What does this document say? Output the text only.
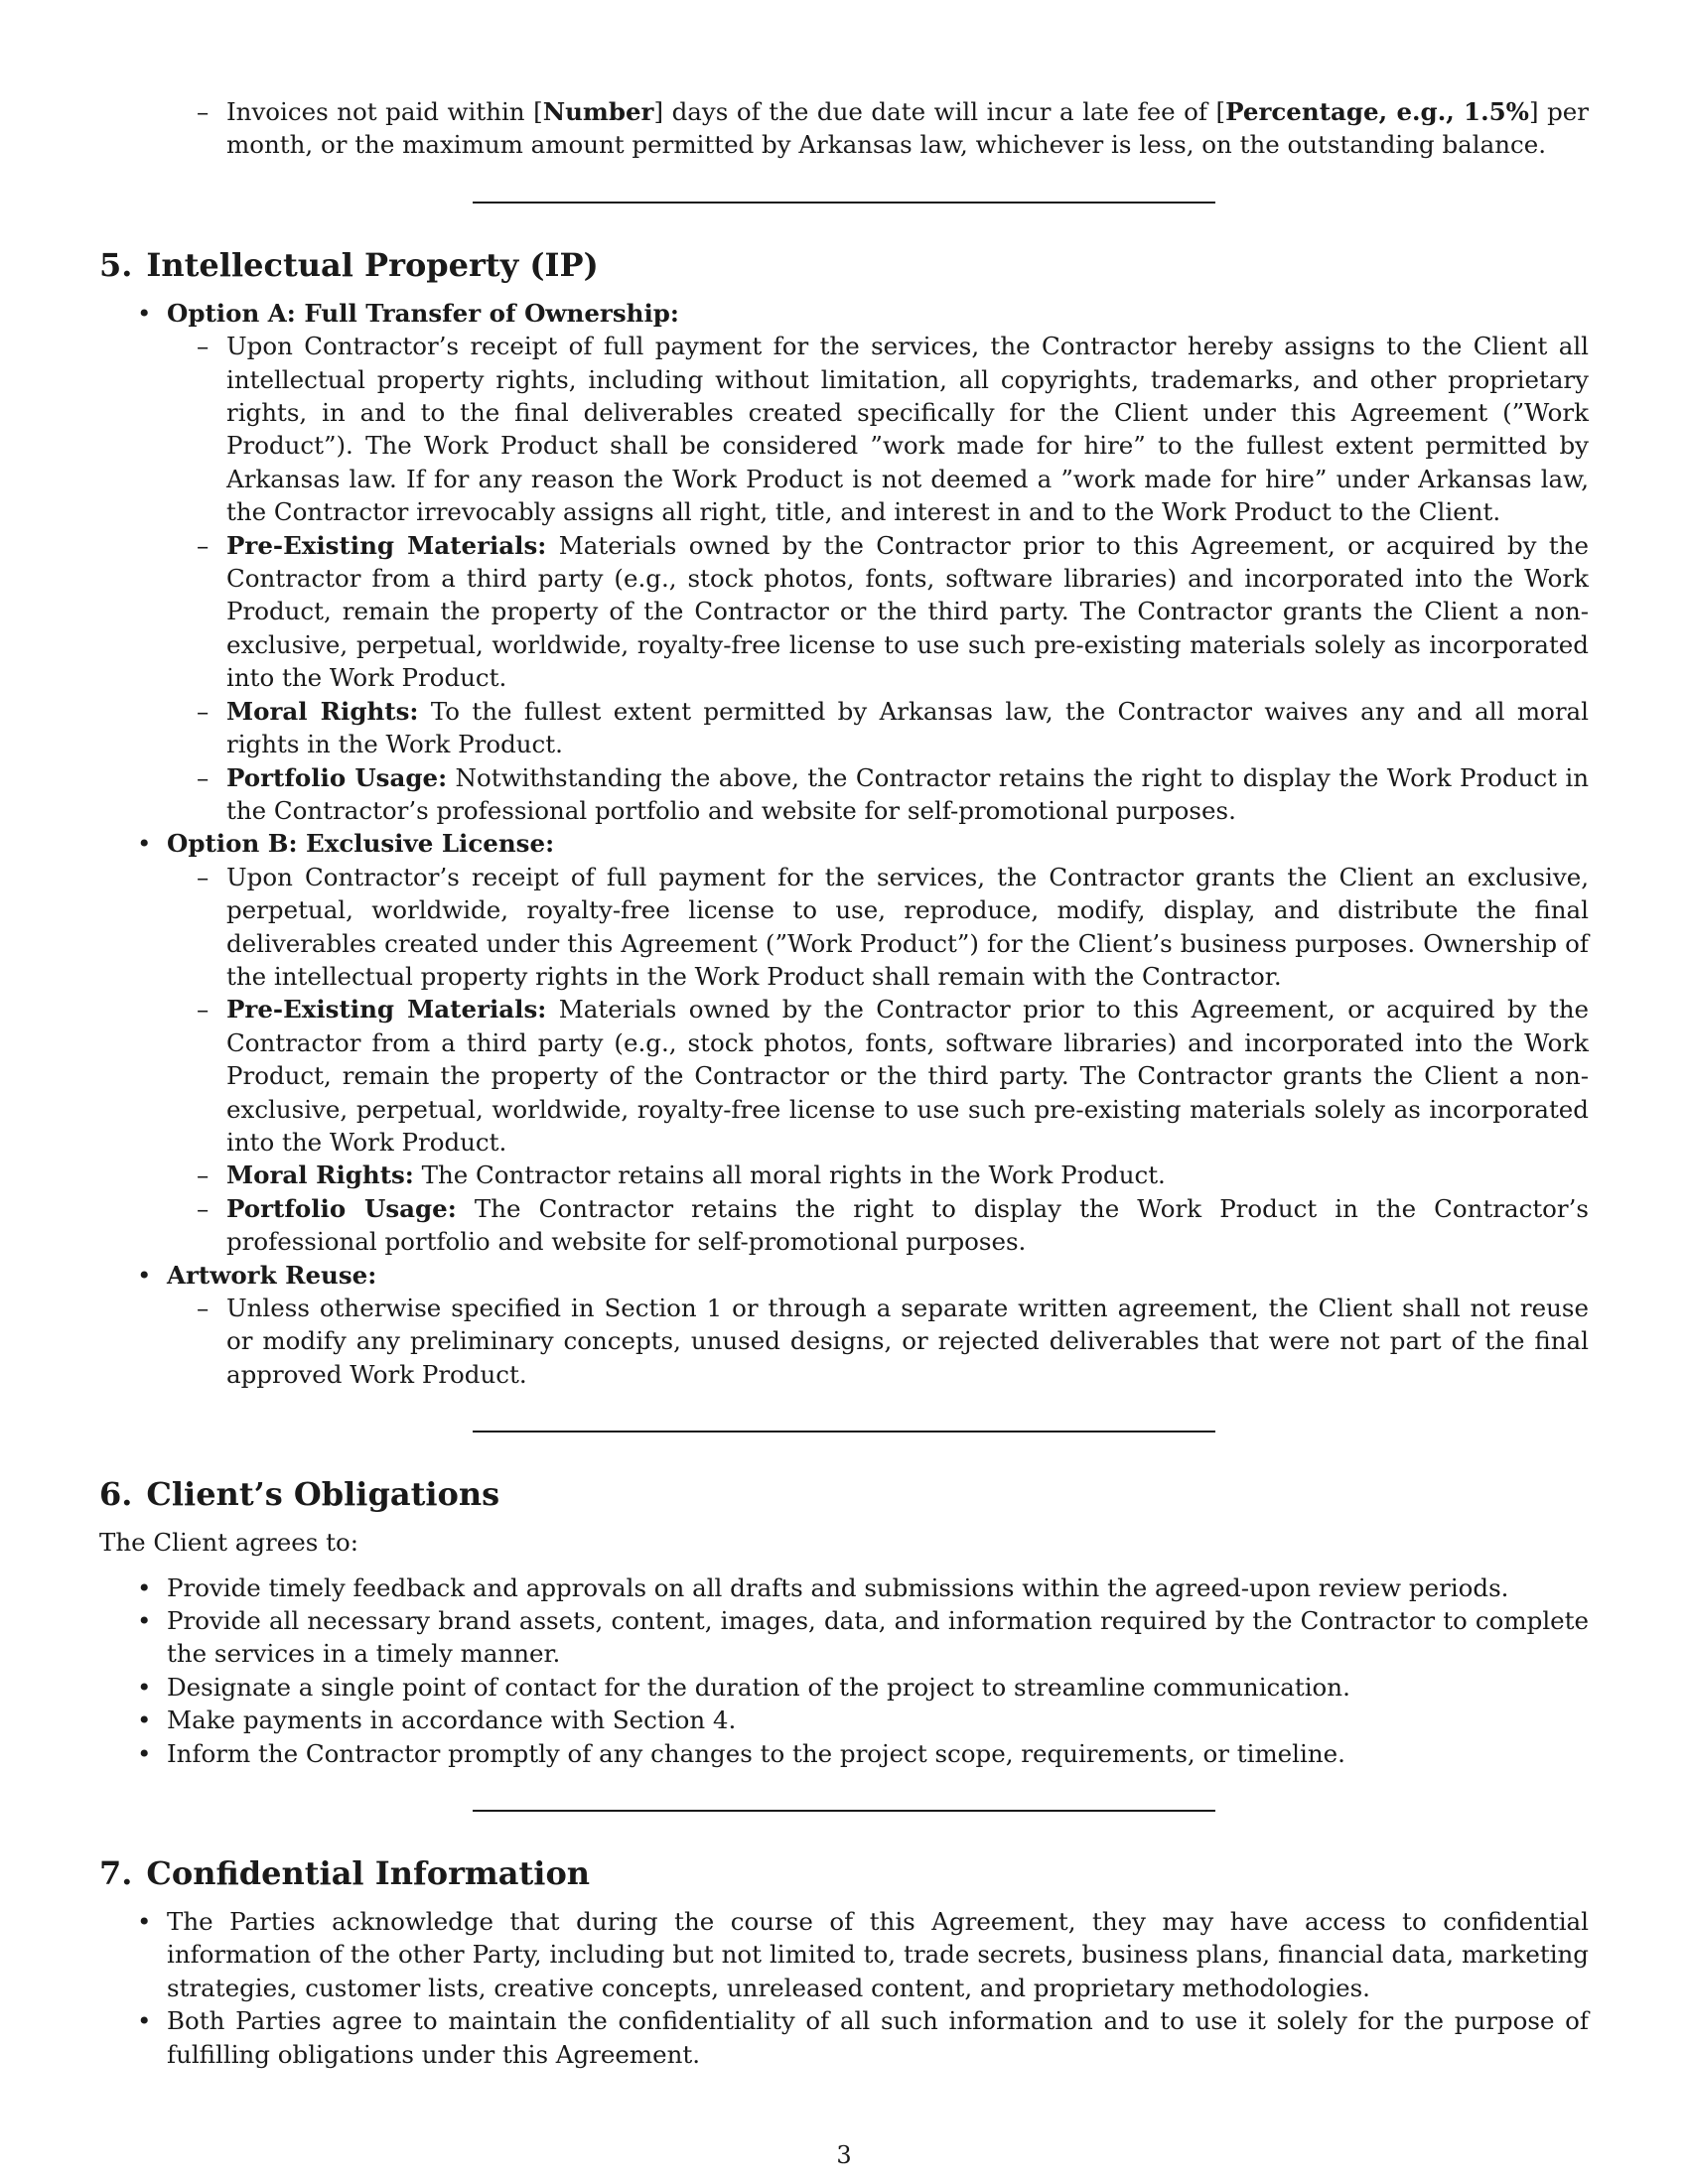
– Invoices not paid within [Number] days of the due date will incur a late fee of [Percentage, e.g., 1.5%] per month, or the maximum amount permitted by Arkansas law, whichever is less, on the outstanding balance.
5. Intellectual Property (IP)
• Option A: Full Transfer of Ownership:
– Upon Contractor’s receipt of full payment for the services, the Contractor hereby assigns to the Client all intellectual property rights, including without limitation, all copyrights, trademarks, and other proprietary rights, in and to the final deliverables created specifically for the Client under this Agreement (”Work Product”). The Work Product shall be considered ”work made for hire” to the fullest extent permitted by Arkansas law. If for any reason the Work Product is not deemed a ”work made for hire” under Arkansas law, the Contractor irrevocably assigns all right, title, and interest in and to the Work Product to the Client.
– Pre-Existing Materials: Materials owned by the Contractor prior to this Agreement, or acquired by the Contractor from a third party (e.g., stock photos, fonts, software libraries) and incorporated into the Work Product, remain the property of the Contractor or the third party. The Contractor grants the Client a non-exclusive, perpetual, worldwide, royalty-free license to use such pre-existing materials solely as incorporated into the Work Product.
– Moral Rights: To the fullest extent permitted by Arkansas law, the Contractor waives any and all moral rights in the Work Product.
– Portfolio Usage: Notwithstanding the above, the Contractor retains the right to display the Work Product in the Contractor’s professional portfolio and website for self-promotional purposes.
• Option B: Exclusive License:
– Upon Contractor’s receipt of full payment for the services, the Contractor grants the Client an exclusive, perpetual, worldwide, royalty-free license to use, reproduce, modify, display, and distribute the final deliverables created under this Agreement (”Work Product”) for the Client’s business purposes. Ownership of the intellectual property rights in the Work Product shall remain with the Contractor.
– Pre-Existing Materials: Materials owned by the Contractor prior to this Agreement, or acquired by the Contractor from a third party (e.g., stock photos, fonts, software libraries) and incorporated into the Work Product, remain the property of the Contractor or the third party. The Contractor grants the Client a non-exclusive, perpetual, worldwide, royalty-free license to use such pre-existing materials solely as incorporated into the Work Product.
– Moral Rights: The Contractor retains all moral rights in the Work Product.
– Portfolio Usage: The Contractor retains the right to display the Work Product in the Contractor’s professional portfolio and website for self-promotional purposes.
• Artwork Reuse:
– Unless otherwise specified in Section 1 or through a separate written agreement, the Client shall not reuse or modify any preliminary concepts, unused designs, or rejected deliverables that were not part of the final approved Work Product.
6. Client’s Obligations

The Client agrees to:

• Provide timely feedback and approvals on all drafts and submissions within the agreed-upon review periods.
• Provide all necessary brand assets, content, images, data, and information required by the Contractor to complete the services in a timely manner.
• Designate a single point of contact for the duration of the project to streamline communication.
• Make payments in accordance with Section 4.
• Inform the Contractor promptly of any changes to the project scope, requirements, or timeline.
7. Confidential Information
• The Parties acknowledge that during the course of this Agreement, they may have access to confidential information of the other Party, including but not limited to, trade secrets, business plans, financial data, marketing strategies, customer lists, creative concepts, unreleased content, and proprietary methodologies.
• Both Parties agree to maintain the confidentiality of all such information and to use it solely for the purpose of fulfilling obligations under this Agreement.
3
